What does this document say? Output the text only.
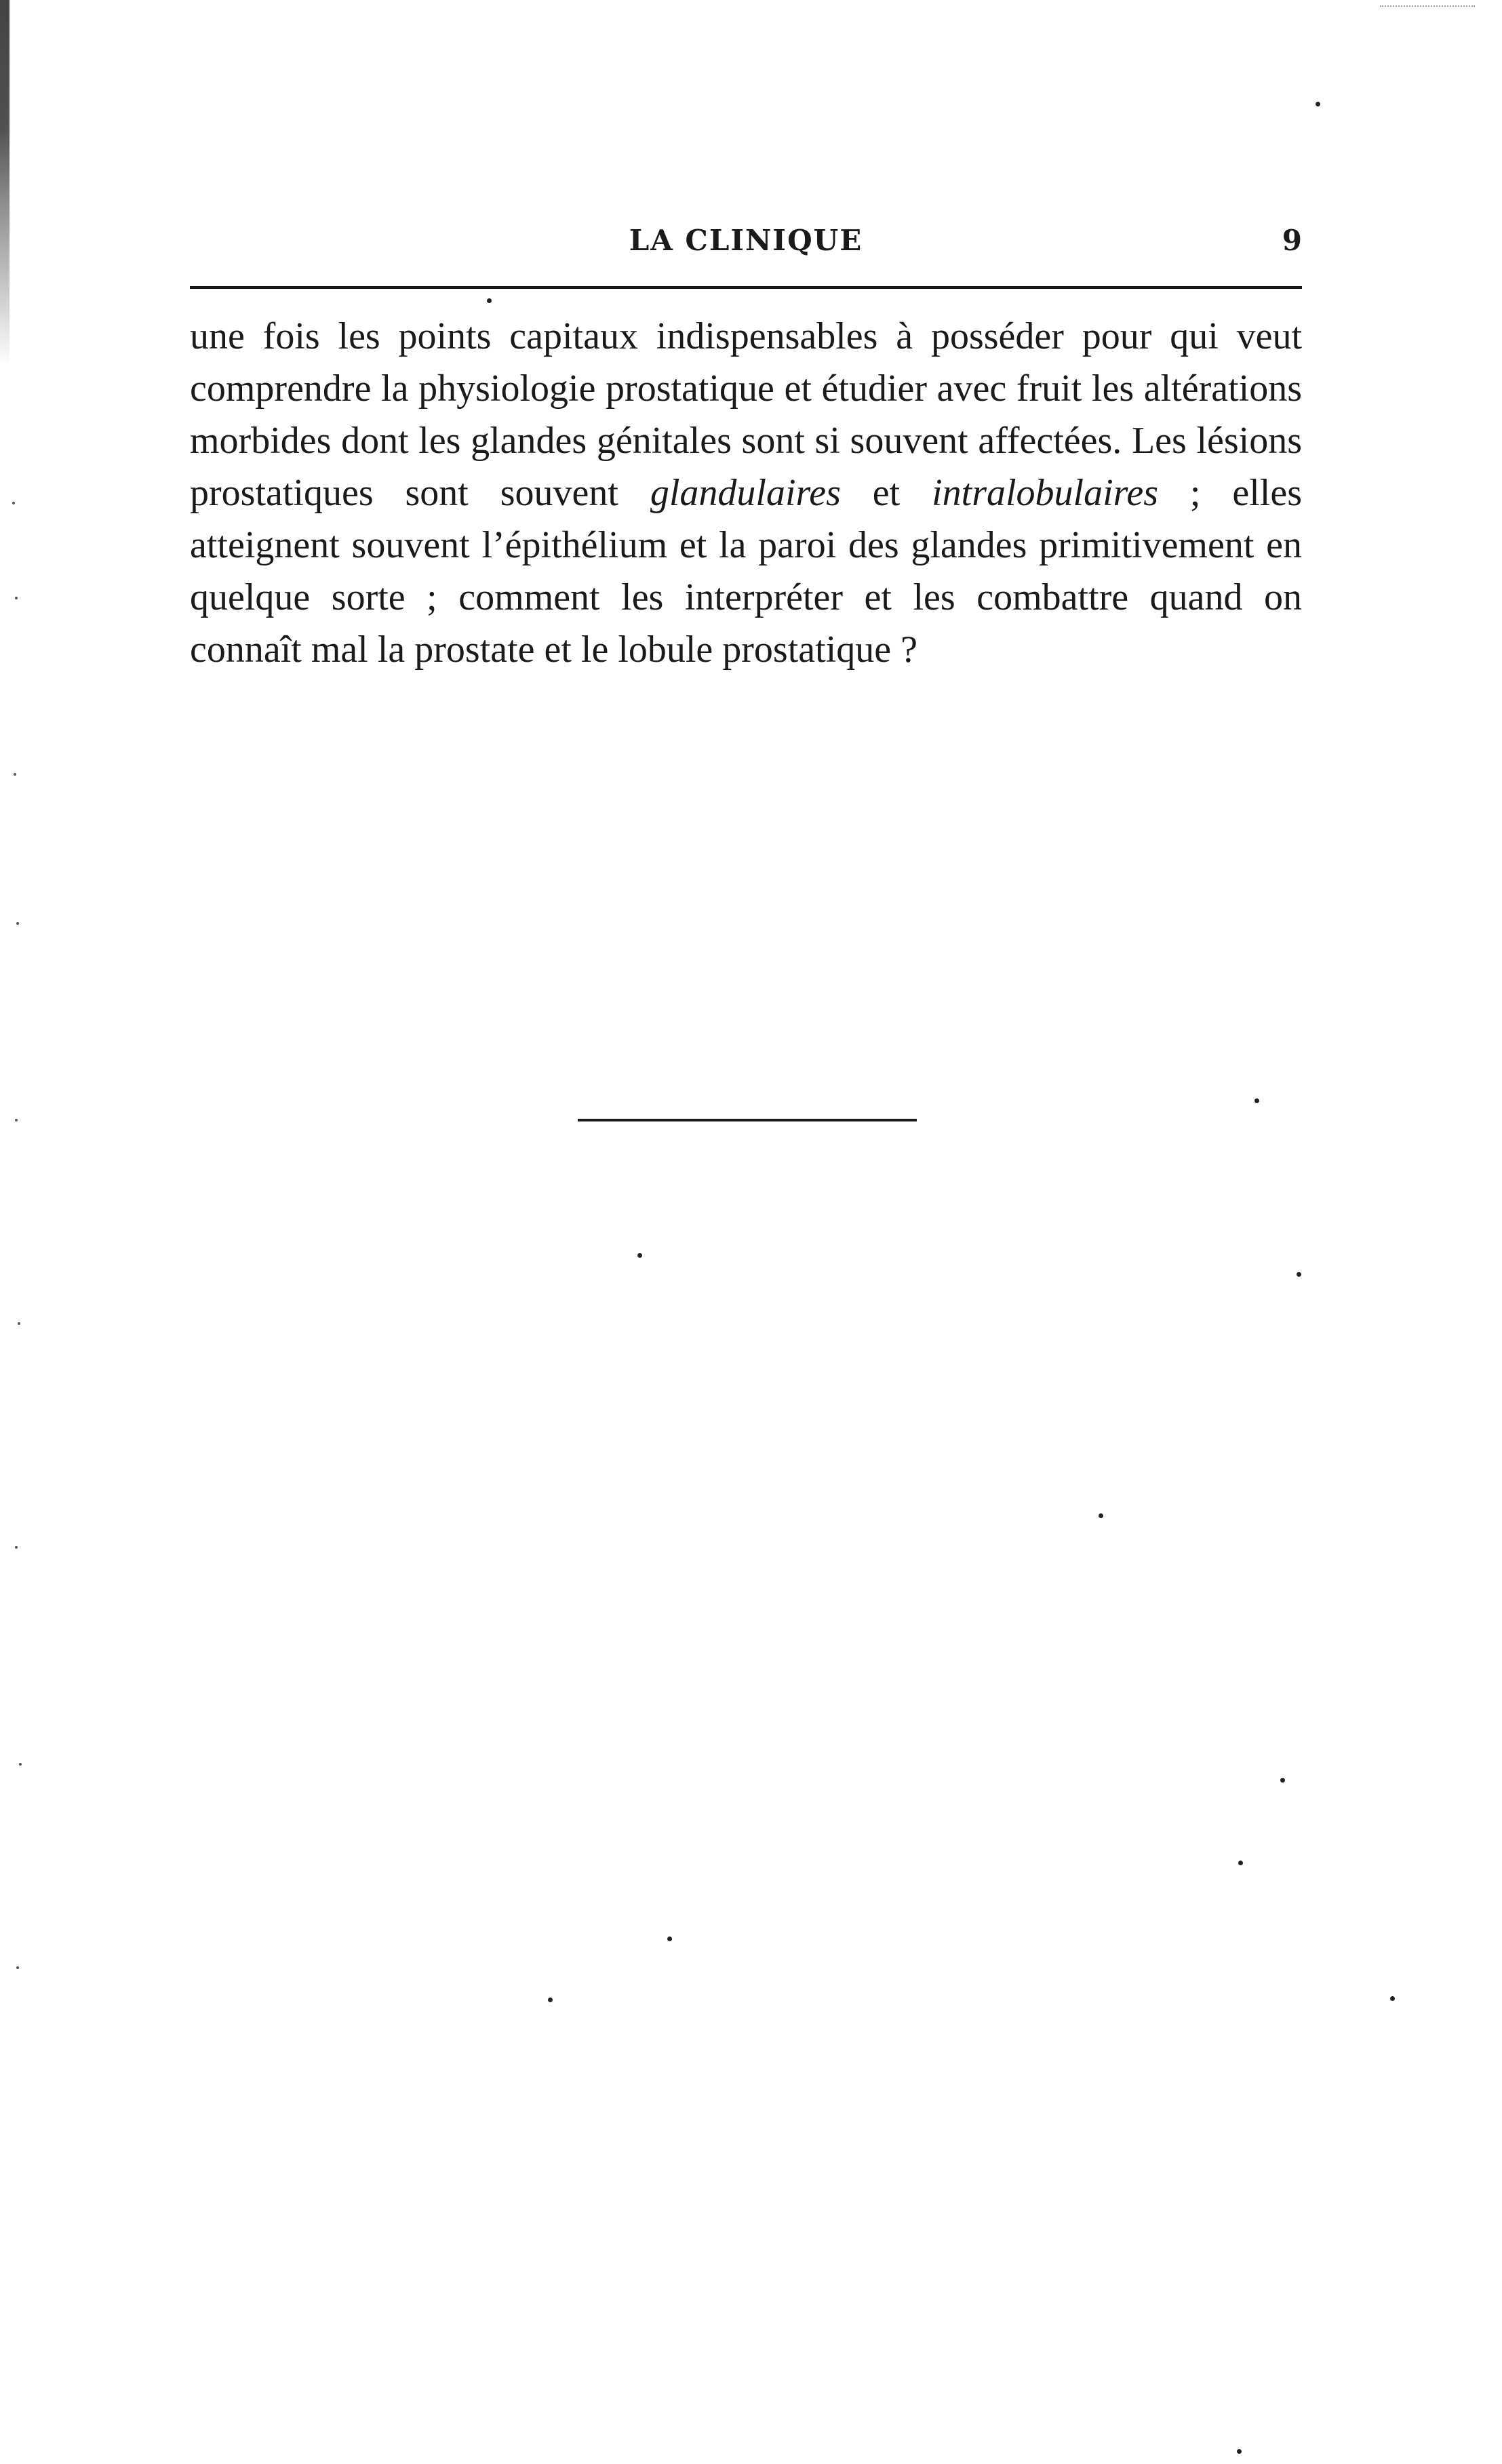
LA CLINIQUE	9

une fois les points capitaux indispensables à posséder pour qui veut comprendre la physiologie prostatique et étudier avec fruit les altérations morbides dont les glandes génitales sont si souvent affectées. Les lésions prostatiques sont souvent glandulaires et intralobulaires ; elles atteignent souvent l’épithélium et la paroi des glandes primitivement en quelque sorte ; comment les interpréter et les combattre quand on connaît mal la prostate et le lobule prostatique ?
